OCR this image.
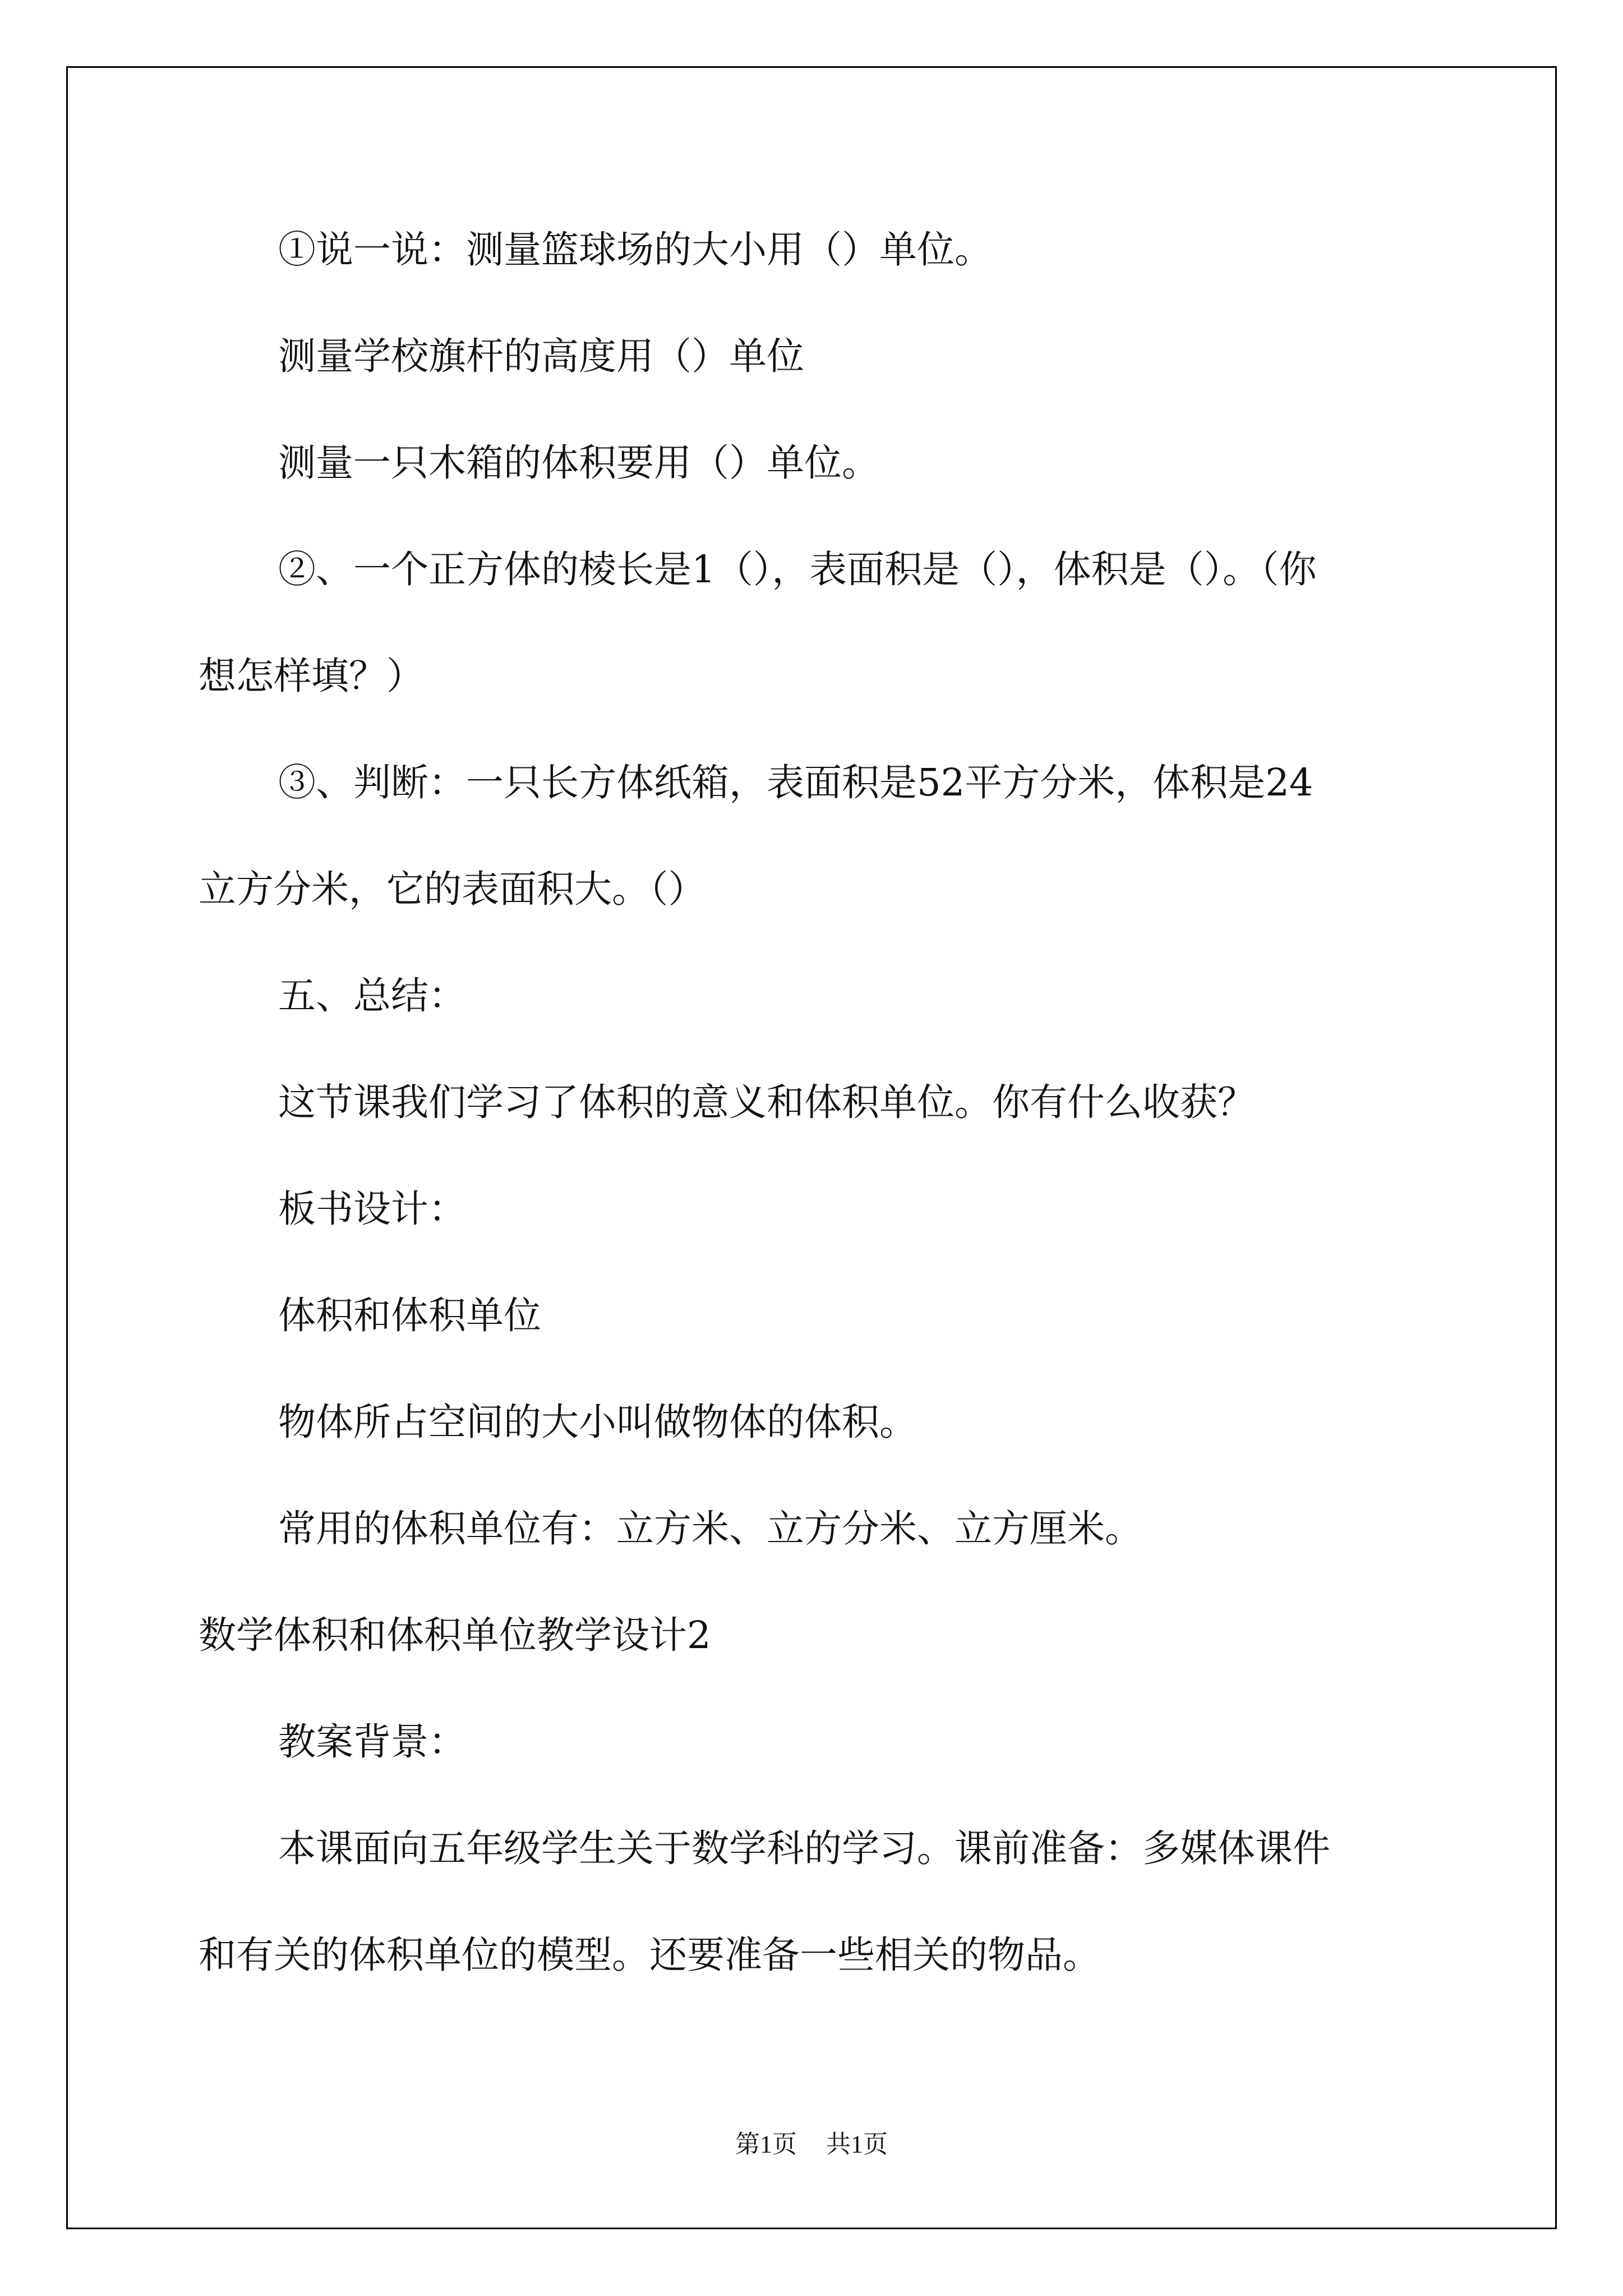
①说一说：测量篮球场的大小用（）单位。

测量学校旗杆的高度用（）单位

测量一只木箱的体积要用（）单位。

②、一个正方体的棱长是1（），表面积是（），体积是（）。（你

想怎样填？）

③、判断：一只长方体纸箱，表面积是52平方分米，体积是24

立方分米，它的表面积大。（）

五、总结：

这节课我们学习了体积的意义和体积单位。你有什么收获？

板书设计：

体积和体积单位

物体所占空间的大小叫做物体的体积。

常用的体积单位有：立方米、立方分米、立方厘米。

数学体积和体积单位教学设计2

教案背景：

本课面向五年级学生关于数学科的学习。课前准备：多媒体课件

和有关的体积单位的模型。还要准备一些相关的物品。

第1页 共1页
